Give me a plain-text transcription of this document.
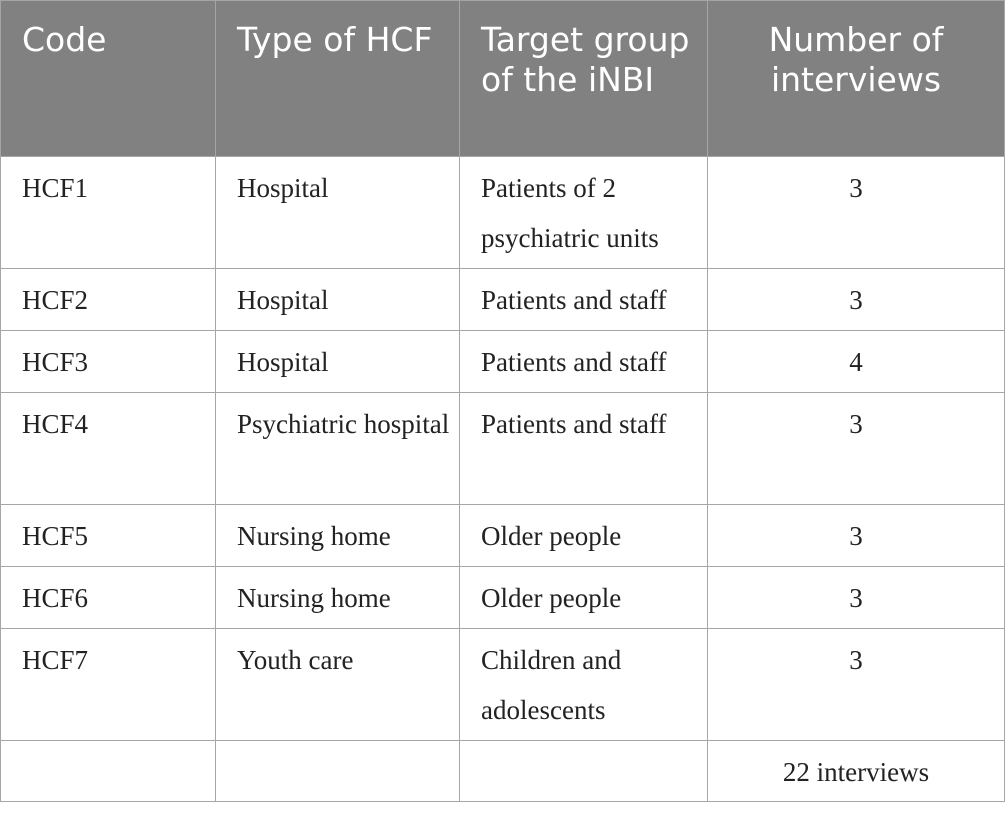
Code	Type of HCF	Target group of the iNBI	Number of interviews
HCF1	Hospital	Patients of 2 psychiatric units	3
HCF2	Hospital	Patients and staff	3
HCF3	Hospital	Patients and staff	4
HCF4	Psychiatric hospital	Patients and staff	3
HCF5	Nursing home	Older people	3
HCF6	Nursing home	Older people	3
HCF7	Youth care	Children and adolescents	3
			22 interviews
